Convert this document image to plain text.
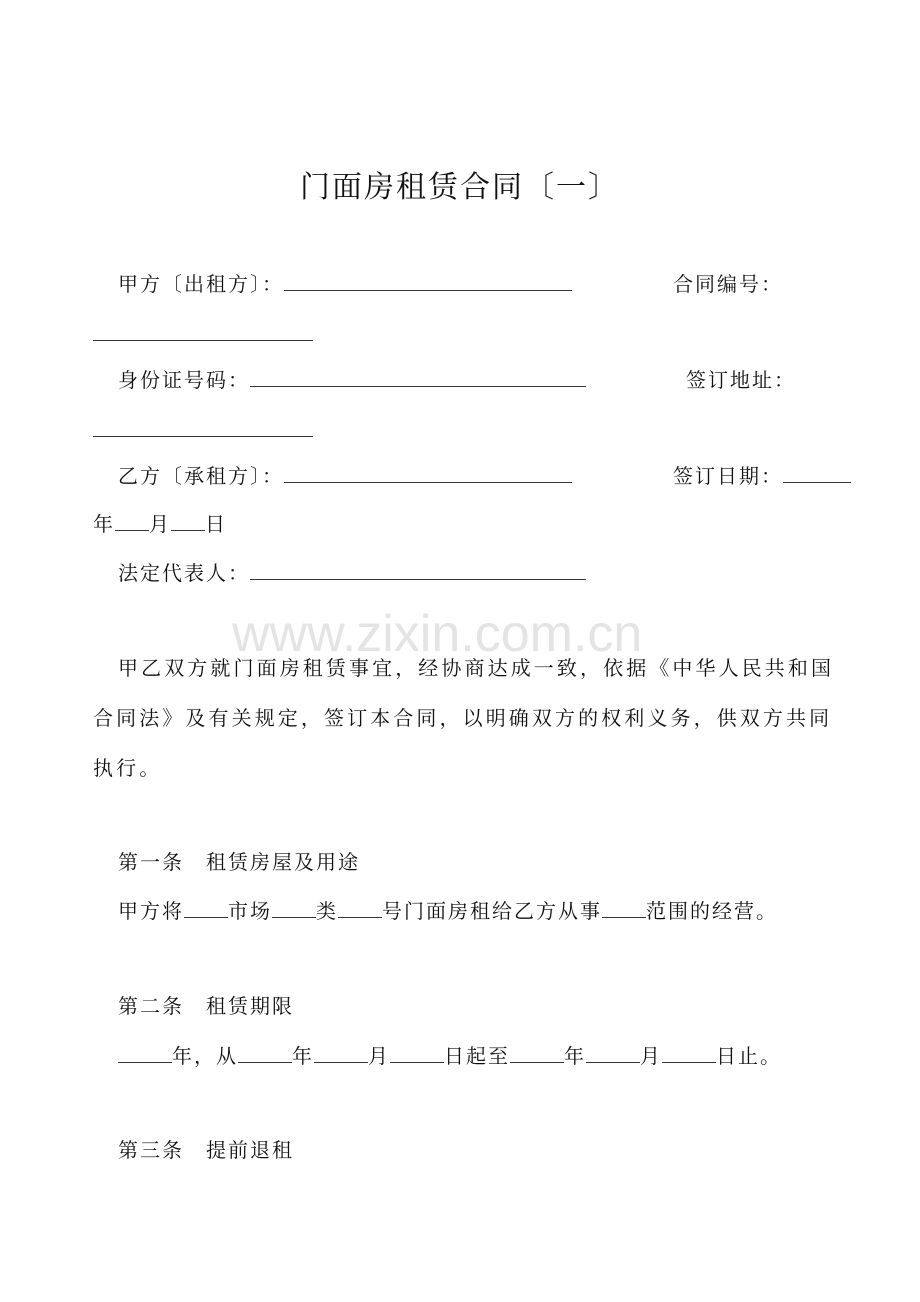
门面房租赁合同〔一〕
甲方〔出租方〕：	合同编号：
身份证号码：	签订地址：
乙方〔承租方〕：	签订日期：
年 月 日
法定代表人：
www.zixin.com.cn
甲乙双方就门面房租赁事宜，经协商达成一致，依据《中华人民共和国
合同法》及有关规定，签订本合同，以明确双方的权利义务，供双方共同
执行。
第一条　租赁房屋及用途
甲方将 市场 类 号门面房租给乙方从事 范围的经营。
第二条　租赁期限
年，从	年	月	日起至	年	月	日止。
第三条　提前退租
